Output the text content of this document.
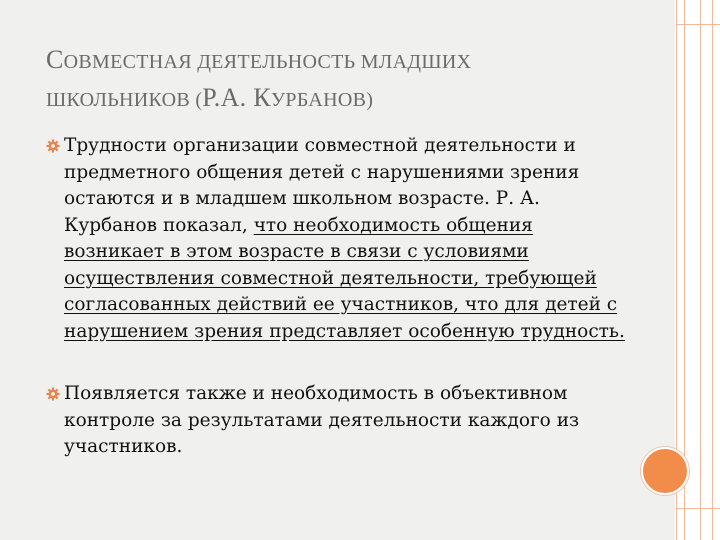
СОВМЕСТНАЯ ДЕЯТЕЛЬНОСТЬ МЛАДШИХ
ШКОЛЬНИКОВ (Р.А. КУРБАНОВ)
Трудности организации совместной деятельности и предметного общения детей с нарушениями зрения остаются и в младшем школьном возрасте. Р. А. Курбанов показал, что необходимость общения возникает в этом возрасте в связи с условиями осуществления совместной деятельности, требующей согласованных действий ее участников, что для детей с нарушением зрения представляет особенную трудность.
Появляется также и необходимость в объективном контроле за результатами деятельности каждого из участников.
